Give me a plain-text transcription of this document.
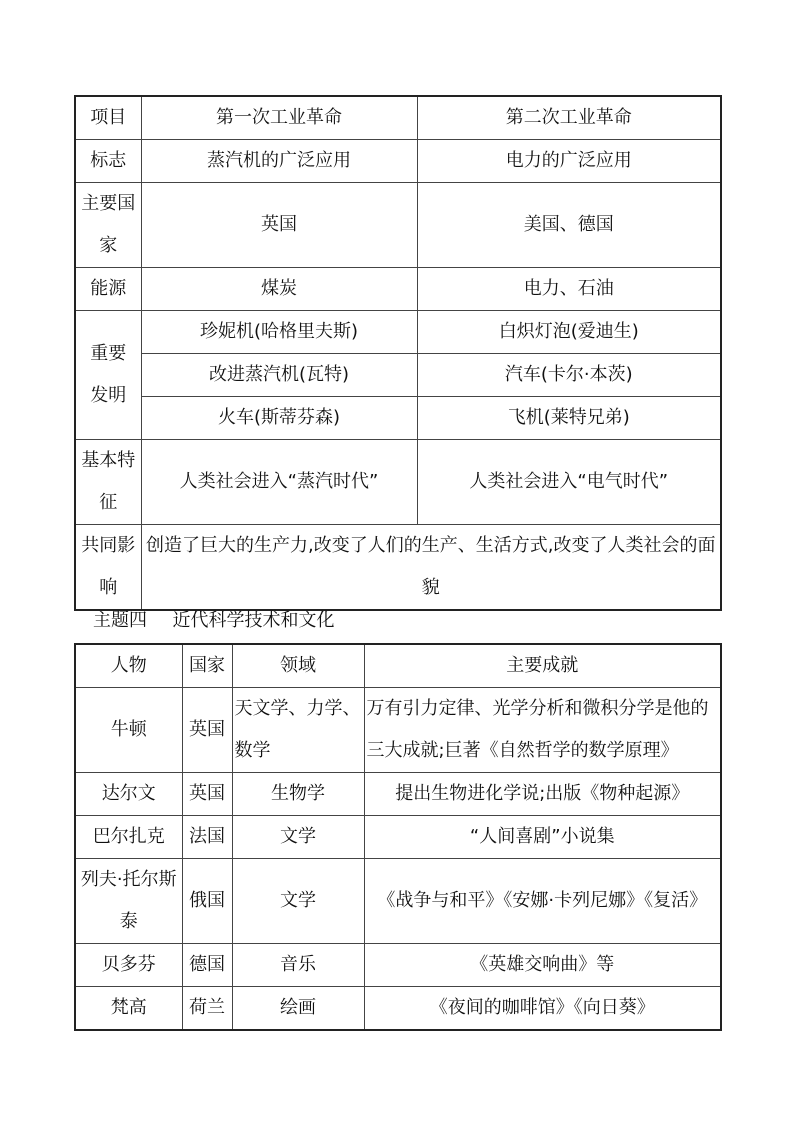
项目	第一次工业革命	第二次工业革命
标志	蒸汽机的广泛应用	电力的广泛应用
主要国家	英国	美国、德国
能源	煤炭	电力、石油
重要发明	珍妮机(哈格里夫斯)	白炽灯泡(爱迪生)
	改进蒸汽机(瓦特)	汽车(卡尔·本茨)
	火车(斯蒂芬森)	飞机(莱特兄弟)
基本特征	人类社会进入“蒸汽时代”	人类社会进入“电气时代”
共同影响	创造了巨大的生产力,改变了人们的生产、生活方式,改变了人类社会的面貌	
主题四 近代科学技术和文化
人物	国家	领域	主要成就
牛顿	英国	天文学、力学、数学	万有引力定律、光学分析和微积分学是他的三大成就;巨著《自然哲学的数学原理》
达尔文	英国	生物学	提出生物进化学说;出版《物种起源》
巴尔扎克	法国	文学	“人间喜剧”小说集
列夫·托尔斯泰	俄国	文学	《战争与和平》《安娜·卡列尼娜》《复活》
贝多芬	德国	音乐	《英雄交响曲》等
梵高	荷兰	绘画	《夜间的咖啡馆》《向日葵》
